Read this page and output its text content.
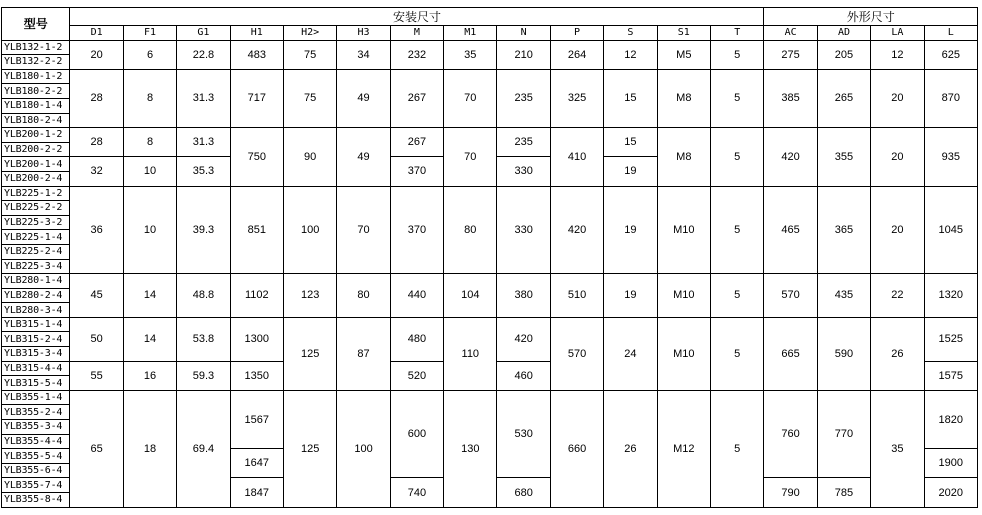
型号	安装尺寸													外形尺寸			
	D1	F1	G1	H1	H2>	H3	M	M1	N	P	S	S1	T	AC	AD	LA	L
YLB132-1-2	20	6	22.8	483	75	34	232	35	210	264	12	M5	5	275	205	12	625
YLB132-2-2																	
YLB180-1-2	28	8	31.3	717	75	49	267	70	235	325	15	M8	5	385	265	20	870
YLB180-2-2																	
YLB180-1-4																	
YLB180-2-4																	
YLB200-1-2	28	8	31.3	750	90	49	267	70	235	410	15	M8	5	420	355	20	935
YLB200-2-2																	
YLB200-1-4	32	10	35.3				370		330		19						
YLB200-2-4																	
YLB225-1-2	36	10	39.3	851	100	70	370	80	330	420	19	M10	5	465	365	20	1045
YLB225-2-2																	
YLB225-3-2																	
YLB225-1-4																	
YLB225-2-4																	
YLB225-3-4																	
YLB280-1-4	45	14	48.8	1102	123	80	440	104	380	510	19	M10	5	570	435	22	1320
YLB280-2-4																	
YLB280-3-4																	
YLB315-1-4	50	14	53.8	1300	125	87	480	110	420	570	24	M10	5	665	590	26	1525
YLB315-2-4																	
YLB315-3-4																	
YLB315-4-4	55	16	59.3	1350			520		460								1575
YLB315-5-4																	
YLB355-1-4	65	18	69.4	1567	125	100	600	130	530	660	26	M12	5	760	770	35	1820
YLB355-2-4																	
YLB355-3-4																	
YLB355-4-4																	
YLB355-5-4				1647													1900
YLB355-6-4																	
YLB355-7-4				1847			740		680					790	785		2020
YLB355-8-4																	
